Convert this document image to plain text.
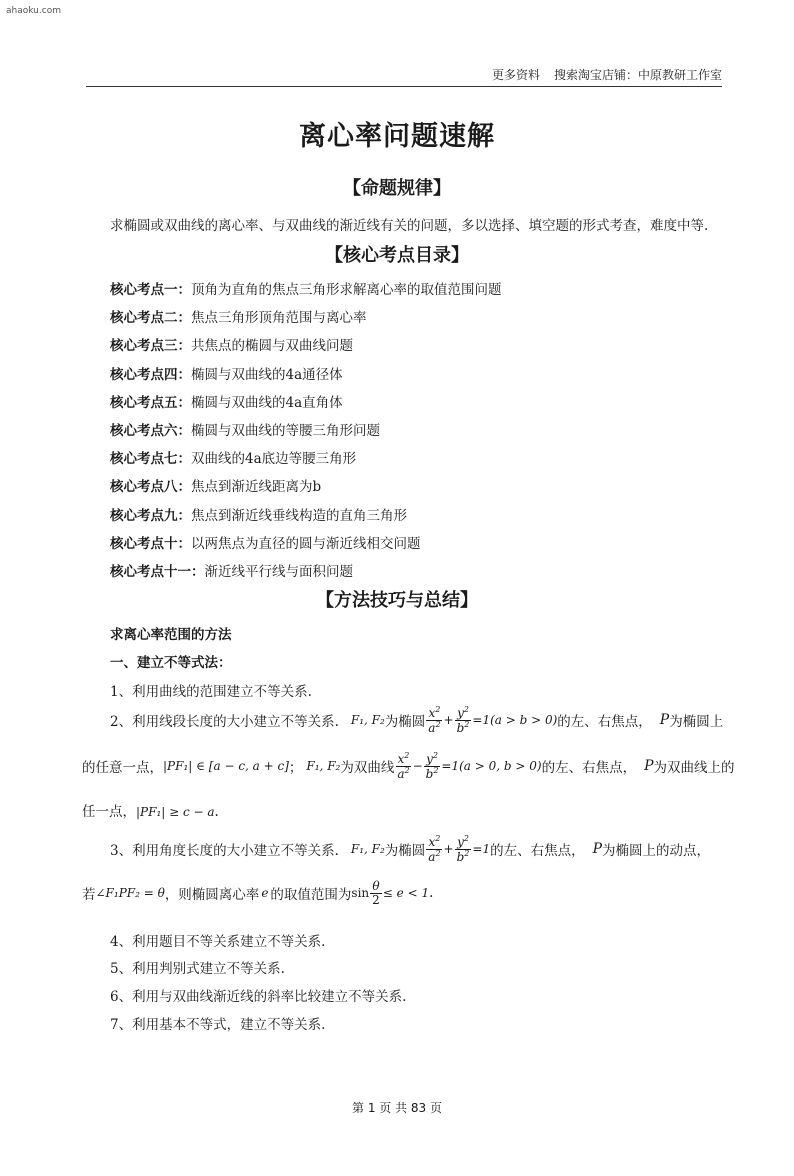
ahaoku.com
更多资料 搜索淘宝店铺：中原教研工作室
离心率问题速解
【命题规律】
求椭圆或双曲线的离心率、与双曲线的渐近线有关的问题，多以选择、填空题的形式考查，难度中等.
【核心考点目录】
核心考点一：顶角为直角的焦点三角形求解离心率的取值范围问题
核心考点二：焦点三角形顶角范围与离心率
核心考点三：共焦点的椭圆与双曲线问题
核心考点四：椭圆与双曲线的4a通径体
核心考点五：椭圆与双曲线的4a直角体
核心考点六：椭圆与双曲线的等腰三角形问题
核心考点七：双曲线的4a底边等腰三角形
核心考点八：焦点到渐近线距离为b
核心考点九：焦点到渐近线垂线构造的直角三角形
核心考点十：以两焦点为直径的圆与渐近线相交问题
核心考点十一：渐近线平行线与面积问题
【方法技巧与总结】
求离心率范围的方法
一、建立不等式法：
1、利用曲线的范围建立不等关系.
2、利用线段长度的大小建立不等关系. F₁, F₂ 为椭圆 $\frac{x^2}{a^2} + \frac{y^2}{b^2} =1(a > b > 0)$ 的左、右焦点， P 为椭圆上
的任意一点， |PF₁| ∈ [a − c, a + c] ； F₁, F₂ 为双曲线 $\frac{x^2}{a^2} - \frac{y^2}{b^2} =1(a > 0$, b > 0) 的左、右焦点， P 为双曲线上的
任一点，|PF₁| ≥ c − a.
3、利用角度长度的大小建立不等关系. F₁, F₂ 为椭圆 $\frac{x^2}{a^2} + \frac{y^2}{b^2} =1$ 的左、右焦点， P 为椭圆上的动点，
若 ∠F₁PF₂ = θ ，则椭圆离心率 e 的取值范围为 $\sin \frac{\theta}{2} \le e < 1$ .
4、利用题目不等关系建立不等关系.
5、利用判别式建立不等关系.
6、利用与双曲线渐近线的斜率比较建立不等关系.
7、利用基本不等式，建立不等关系.
第 1 页 共 83 页
